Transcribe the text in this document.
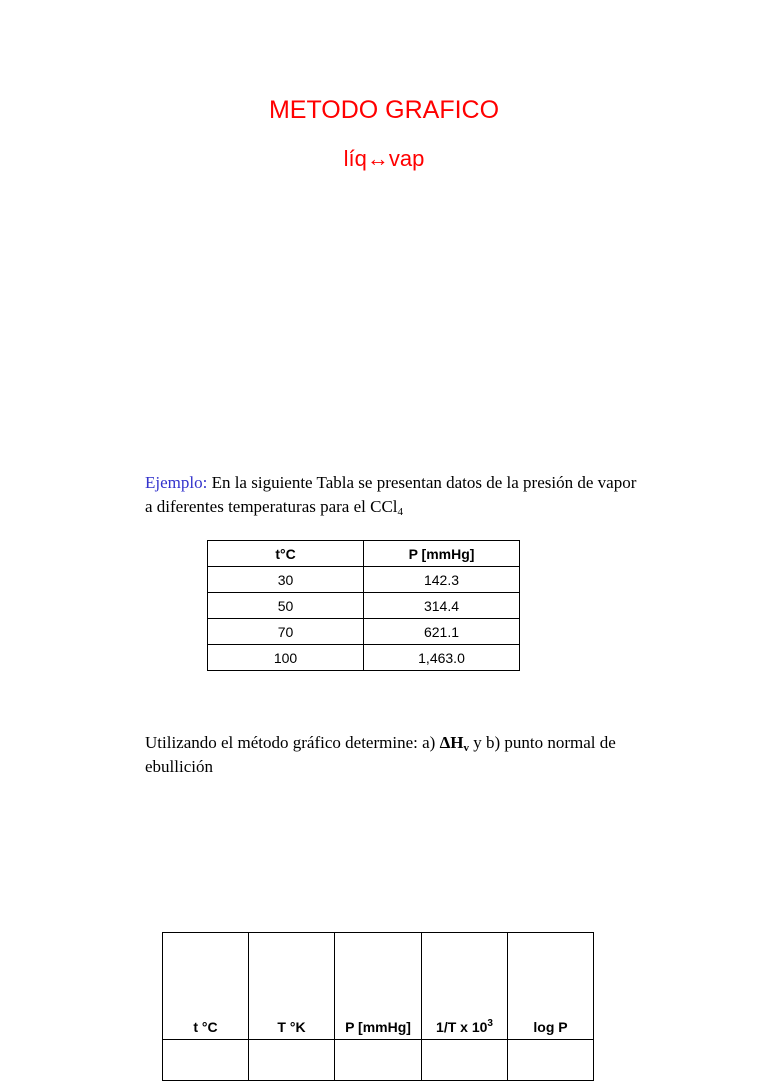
METODO GRAFICO
líq↔vap
Ejemplo: En la siguiente Tabla se presentan datos de la presión de vapor a diferentes temperaturas para el CCl$_4$
t°C	P [mmHg]
30	142.3
50	314.4
70	621.1
100	1,463.0
Utilizando el método gráfico determine: a) $\Delta H_v$ y b) punto normal de ebullición
t °C	T °K	P [mmHg]	1/T x $10^3$	log P
